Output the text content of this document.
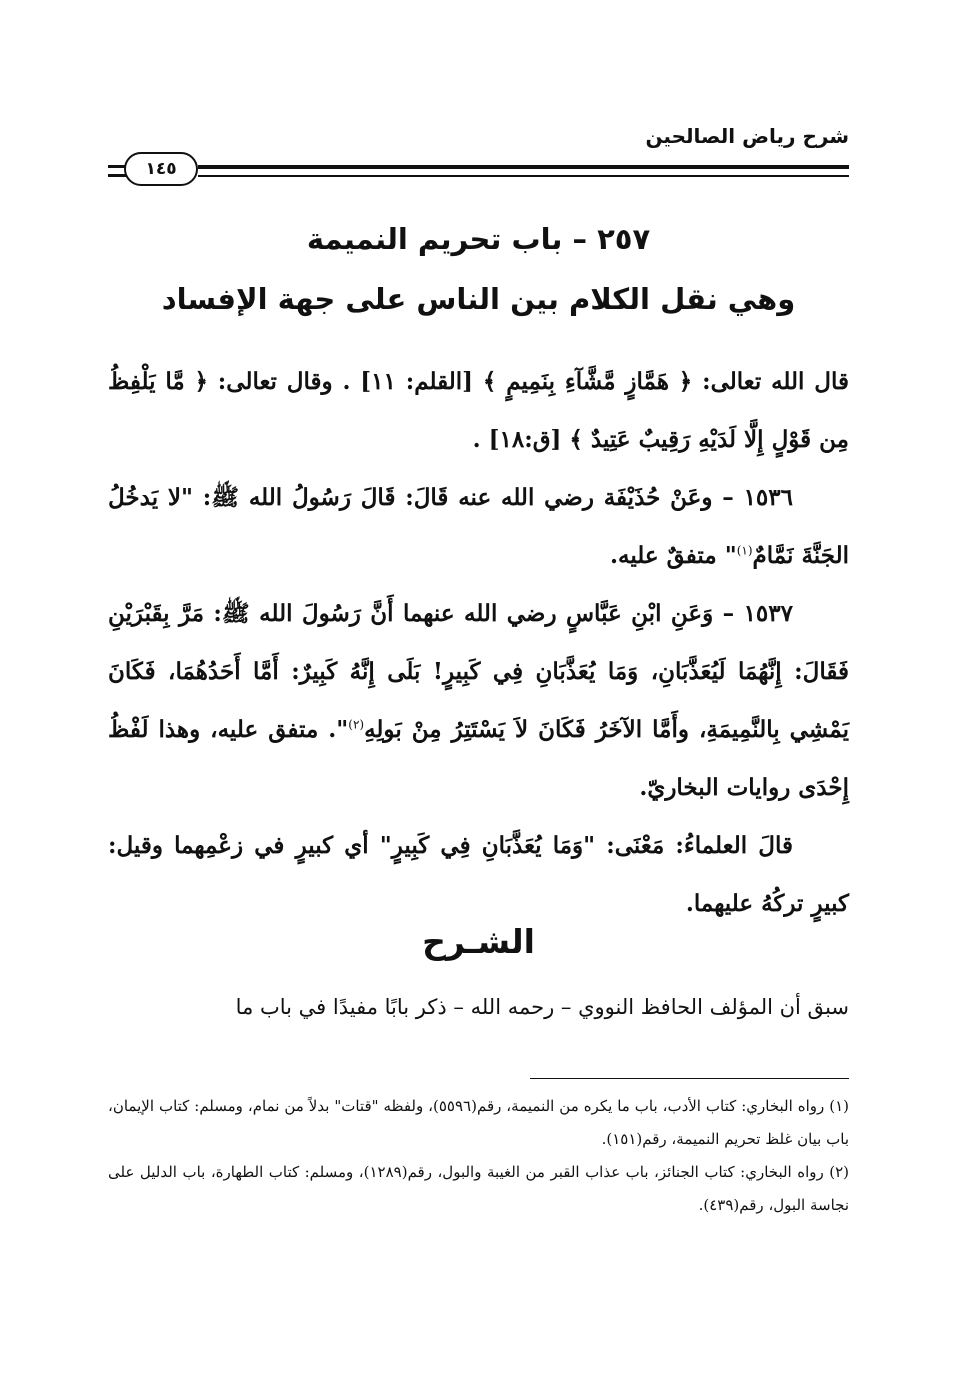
شرح رياض الصالحين
١٤٥
٢٥٧ – باب تحريم النميمة
وهي نقل الكلام بين الناس على جهة الإفساد

قال الله تعالى: ﴿ هَمَّازٍ مَّشَّآءِ بِنَمِيمٍ ﴾ [القلم: ١١] . وقال تعالى: ﴿ مَّا يَلْفِظُ مِن قَوْلٍ إِلَّا لَدَيْهِ رَقِيبٌ عَتِيدٌ ﴾ [ق:١٨] .

١٥٣٦ – وعَنْ حُذَيْفَة رضي الله عنه قَالَ: قَالَ رَسُولُ الله ﷺ: "لا يَدخُلُ الجَنَّةَ نَمَّامٌ$^{(١)}$" متفقٌ عليه.

١٥٣٧ – وَعَنِ ابْنِ عَبَّاسٍ رضي الله عنهما أَنَّ رَسُولَ الله ﷺ: مَرَّ بِقَبْرَيْنِ فَقَالَ: إِنَّهُمَا لَيُعَذَّبَانِ، وَمَا يُعَذَّبَانِ فِي كَبِيرٍ! بَلَى إِنَّهُ كَبِيرٌ: أَمَّا أَحَدُهُمَا، فَكَانَ يَمْشِي بِالنَّمِيمَةِ، وأَمَّا الآخَرُ فَكَانَ لاَ يَسْتَتِرُ مِنْ بَولِهِ$^{(٢)}$". متفق عليه، وهذا لَفْظُ إِحْدَى روايات البخاريّ.

قالَ العلماءُ: مَعْنَى: "وَمَا يُعَذَّبَانِ فِي كَبِيرٍ" أي كبيرٍ في زعْمِهما وقيل: كبيرٍ تركُهُ عليهما.

الشـرح

سبق أن المؤلف الحافظ النووي – رحمه الله – ذكر بابًا مفيدًا في باب ما

(١) رواه البخاري: كتاب الأدب، باب ما يكره من النميمة، رقم(٥٥٩٦)، ولفظه "قتات" بدلاً من نمام، ومسلم: كتاب الإيمان، باب بيان غلظ تحريم النميمة، رقم(١٥١).

(٢) رواه البخاري: كتاب الجنائز، باب عذاب القبر من الغيبة والبول، رقم(١٢٨٩)، ومسلم: كتاب الطهارة، باب الدليل على نجاسة البول، رقم(٤٣٩).
